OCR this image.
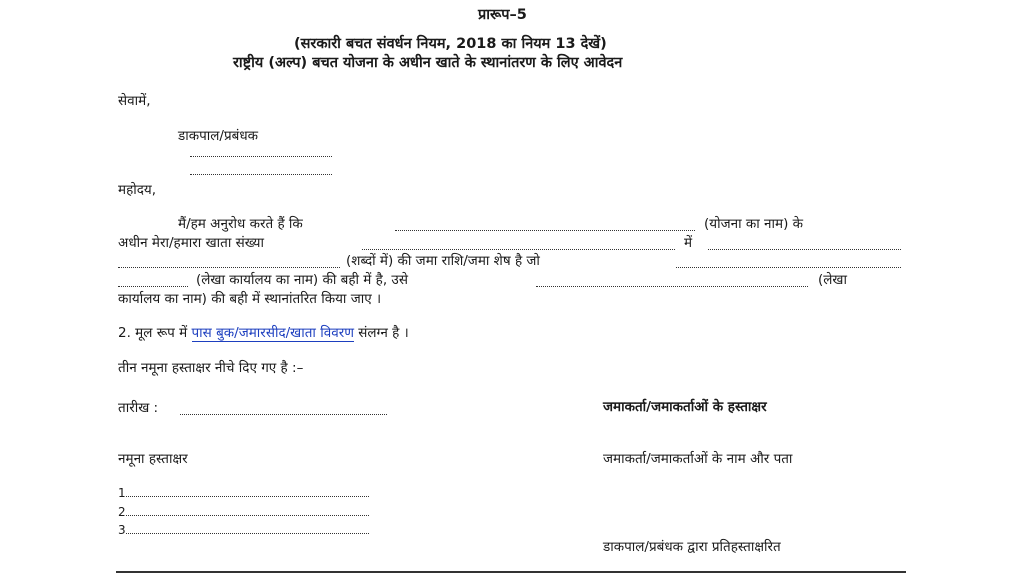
प्रारूप–5
(सरकारी बचत संवर्धन नियम, 2018 का नियम 13 देखें)
राष्ट्रीय (अल्प) बचत योजना के अधीन खाते के स्थानांतरण के लिए आवेदन
सेवामें,
डाकपाल/प्रबंधक
महोदय,
मैं/हम अनुरोध करते हैं कि	(योजना का नाम) के
अधीन मेरा/हमारा खाता संख्या	में
(शब्दों में) की जमा राशि/जमा शेष है जो
(लेखा कार्यालय का नाम) की बही में है, उसे	(लेखा
कार्यालय का नाम) की बही में स्थानांतरित किया जाए ।
2. मूल रूप में पास बुक/जमारसीद/खाता विवरण संलग्न है ।
तीन नमूना हस्ताक्षर नीचे दिए गए है :–
तारीख :	जमाकर्ता/जमाकर्ताओं के हस्ताक्षर
नमूना हस्ताक्षर	जमाकर्ता/जमाकर्ताओं के नाम और पता
1
2
3
डाकपाल/प्रबंधक द्वारा प्रतिहस्ताक्षरित
